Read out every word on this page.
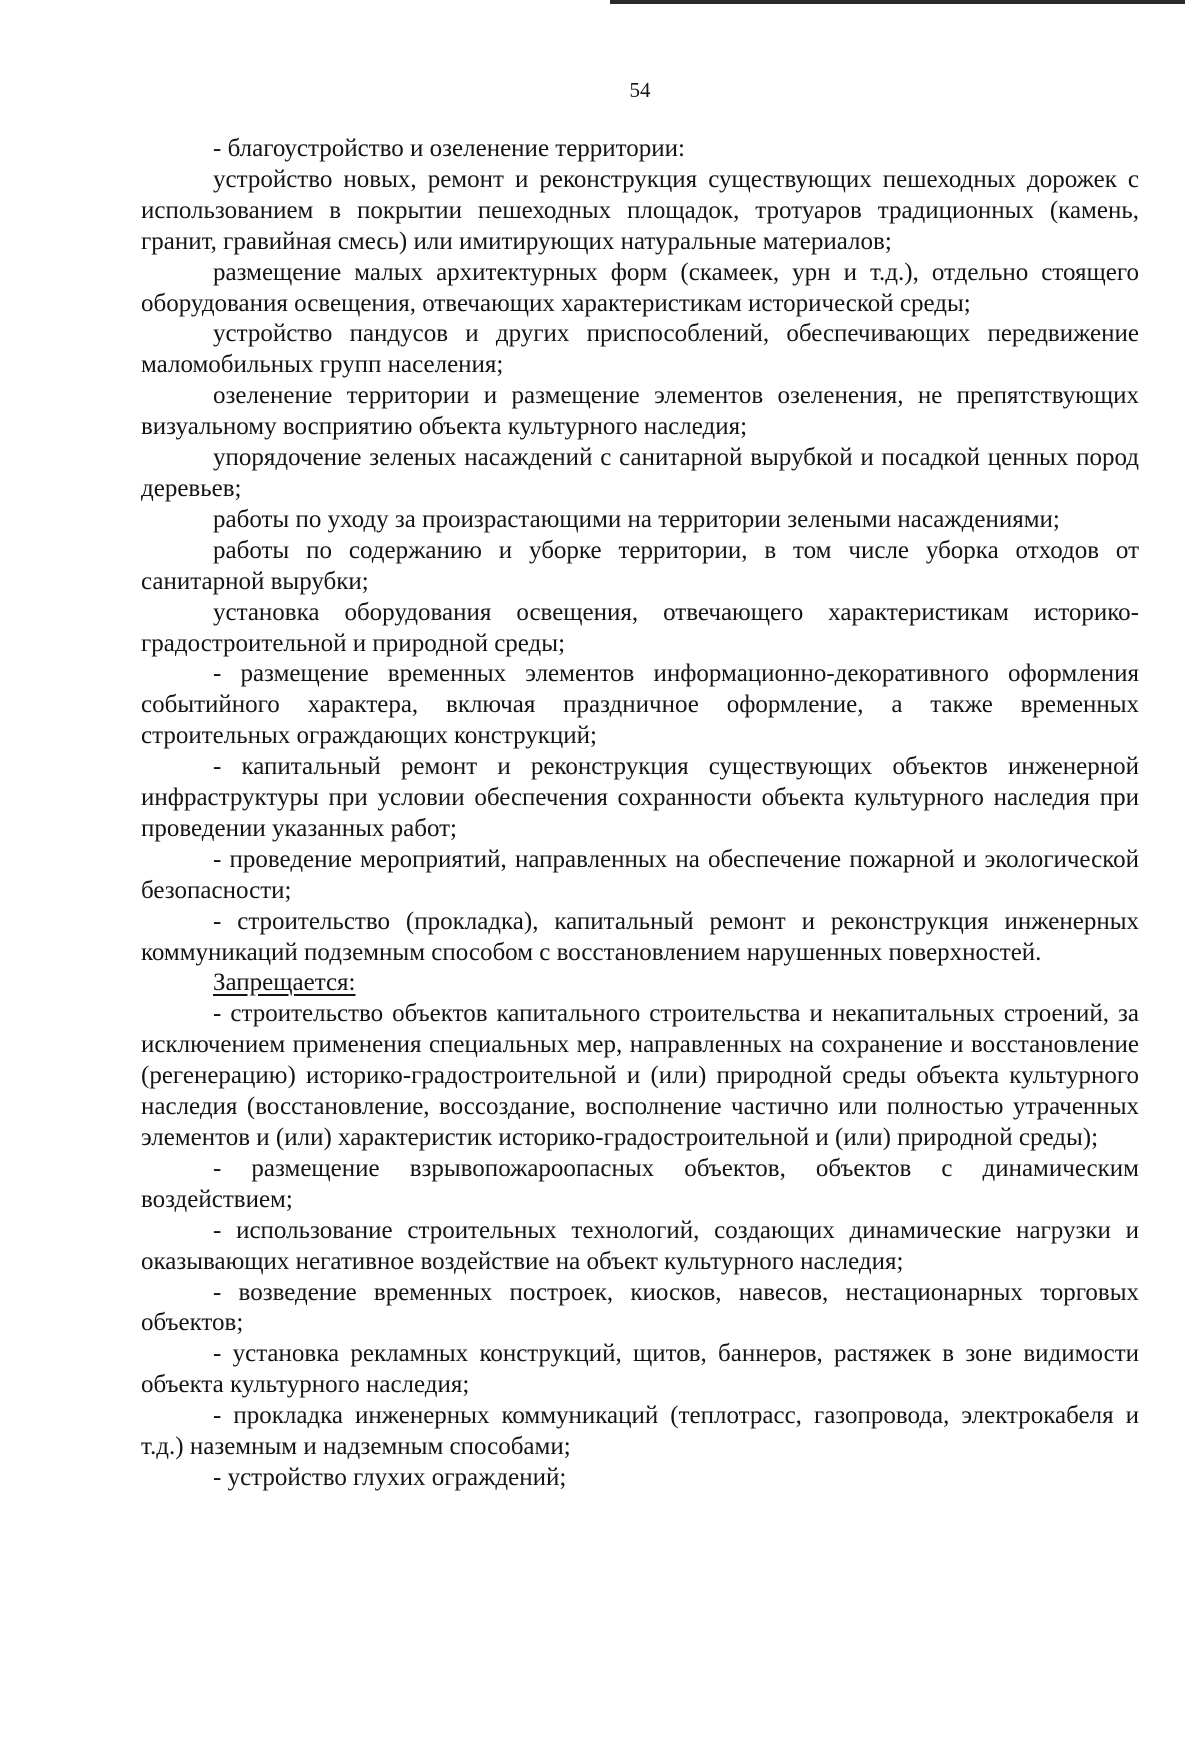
54

- благоустройство и озеленение территории:

устройство новых, ремонт и реконструкция существующих пешеходных дорожек с использованием в покрытии пешеходных площадок, тротуаров традиционных (камень, гранит, гравийная смесь) или имитирующих натуральные материалов;

размещение малых архитектурных форм (скамеек, урн и т.д.), отдельно стоящего оборудования освещения, отвечающих характеристикам исторической среды;

устройство пандусов и других приспособлений, обеспечивающих передвижение маломобильных групп населения;

озеленение территории и размещение элементов озеленения, не препятствующих визуальному восприятию объекта культурного наследия;

упорядочение зеленых насаждений с санитарной вырубкой и посадкой ценных пород деревьев;

работы по уходу за произрастающими на территории зелеными насаждениями;

работы по содержанию и уборке территории, в том числе уборка отходов от санитарной вырубки;

установка оборудования освещения, отвечающего характеристикам историко-градостроительной и природной среды;

- размещение временных элементов информационно-декоративного оформления событийного характера, включая праздничное оформление, а также временных строительных ограждающих конструкций;

- капитальный ремонт и реконструкция существующих объектов инженерной инфраструктуры при условии обеспечения сохранности объекта культурного наследия при проведении указанных работ;

- проведение мероприятий, направленных на обеспечение пожарной и экологической безопасности;

- строительство (прокладка), капитальный ремонт и реконструкция инженерных коммуникаций подземным способом с восстановлением нарушенных поверхностей.

Запрещается:

- строительство объектов капитального строительства и некапитальных строений, за исключением применения специальных мер, направленных на сохранение и восстановление (регенерацию) историко-градостроительной и (или) природной среды объекта культурного наследия (восстановление, воссоздание, восполнение частично или полностью утраченных элементов и (или) характеристик историко-градостроительной и (или) природной среды);

- размещение взрывопожароопасных объектов, объектов с динамическим воздействием;

- использование строительных технологий, создающих динамические нагрузки и оказывающих негативное воздействие на объект культурного наследия;

- возведение временных построек, киосков, навесов, нестационарных торговых объектов;

- установка рекламных конструкций, щитов, баннеров, растяжек в зоне видимости объекта культурного наследия;

- прокладка инженерных коммуникаций (теплотрасс, газопровода, электрокабеля и т.д.) наземным и надземным способами;

- устройство глухих ограждений;
